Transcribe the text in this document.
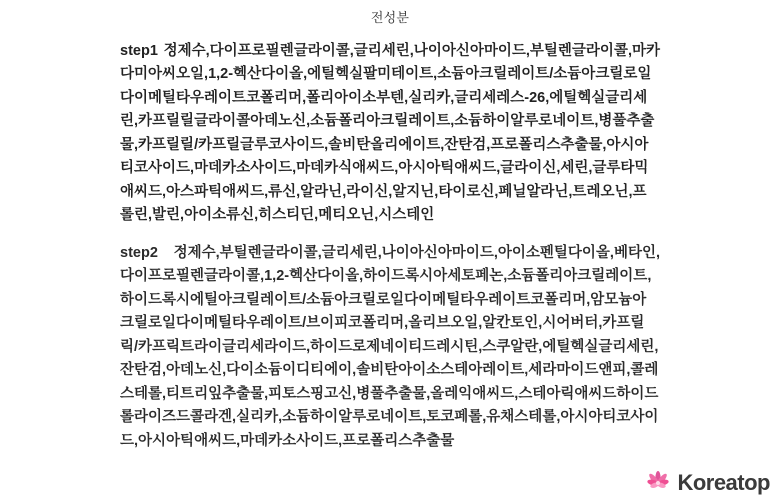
전성분
step1 정제수,다이프로필렌글라이콜,글리세린,나이아신아마이드,부틸렌글라이콜,마카다미아씨오일,1,2-헥산다이올,에틸헥실팔미테이트,소듐아크릴레이트/소듐아크릴로일다이메틸타우레이트코폴리머,폴리아이소부텐,실리카,글리세레스-26,에틸헥실글리세린,카프릴릴글라이콜아데노신,소듐폴리아크릴레이트,소듐하이알루로네이트,병풀추출물,카프릴릴/카프릴글루코사이드,솔비탄올리에이트,잔탄검,프로폴리스추출물,아시아티코사이드,마데카소사이드,마데카식애씨드,아시아틱애씨드,글라이신,세린,글루타믹애씨드,아스파틱애씨드,류신,알라닌,라이신,알지닌,타이로신,페닐알라닌,트레오닌,프롤린,발린,아이소류신,히스티딘,메티오닌,시스테인
step2 정제수,부틸렌글라이콜,글리세린,나이아신아마이드,아이소펜틸다이올,베타인,다이프로필렌글라이콜,1,2-헥산다이올,하이드록시아세토페논,소듐폴리아크릴레이트,하이드록시에틸아크릴레이트/소듐아크릴로일다이메틸타우레이트코폴리머,암모늄아크릴로일다이메틸타우레이트/브이피코폴리머,올리브오일,알칸토인,시어버터,카프릴릭/카프릭트라이글리세라이드,하이드로제네이티드레시틴,스쿠알란,에틸헥실글리세린,잔탄검,아데노신,다이소듐이디티에이,솔비탄아이소스테아레이트,세라마이드앤피,콜레스테롤,티트리잎추출물,피토스핑고신,병풀추출물,올레익애씨드,스테아릭애씨드하이드롤라이즈드콜라겐,실리카,소듐하이알루로네이트,토코페롤,유채스테롤,아시아티코사이드,아시아틱애씨드,마데카소사이드,프로폴리스추출물
Koreatop
